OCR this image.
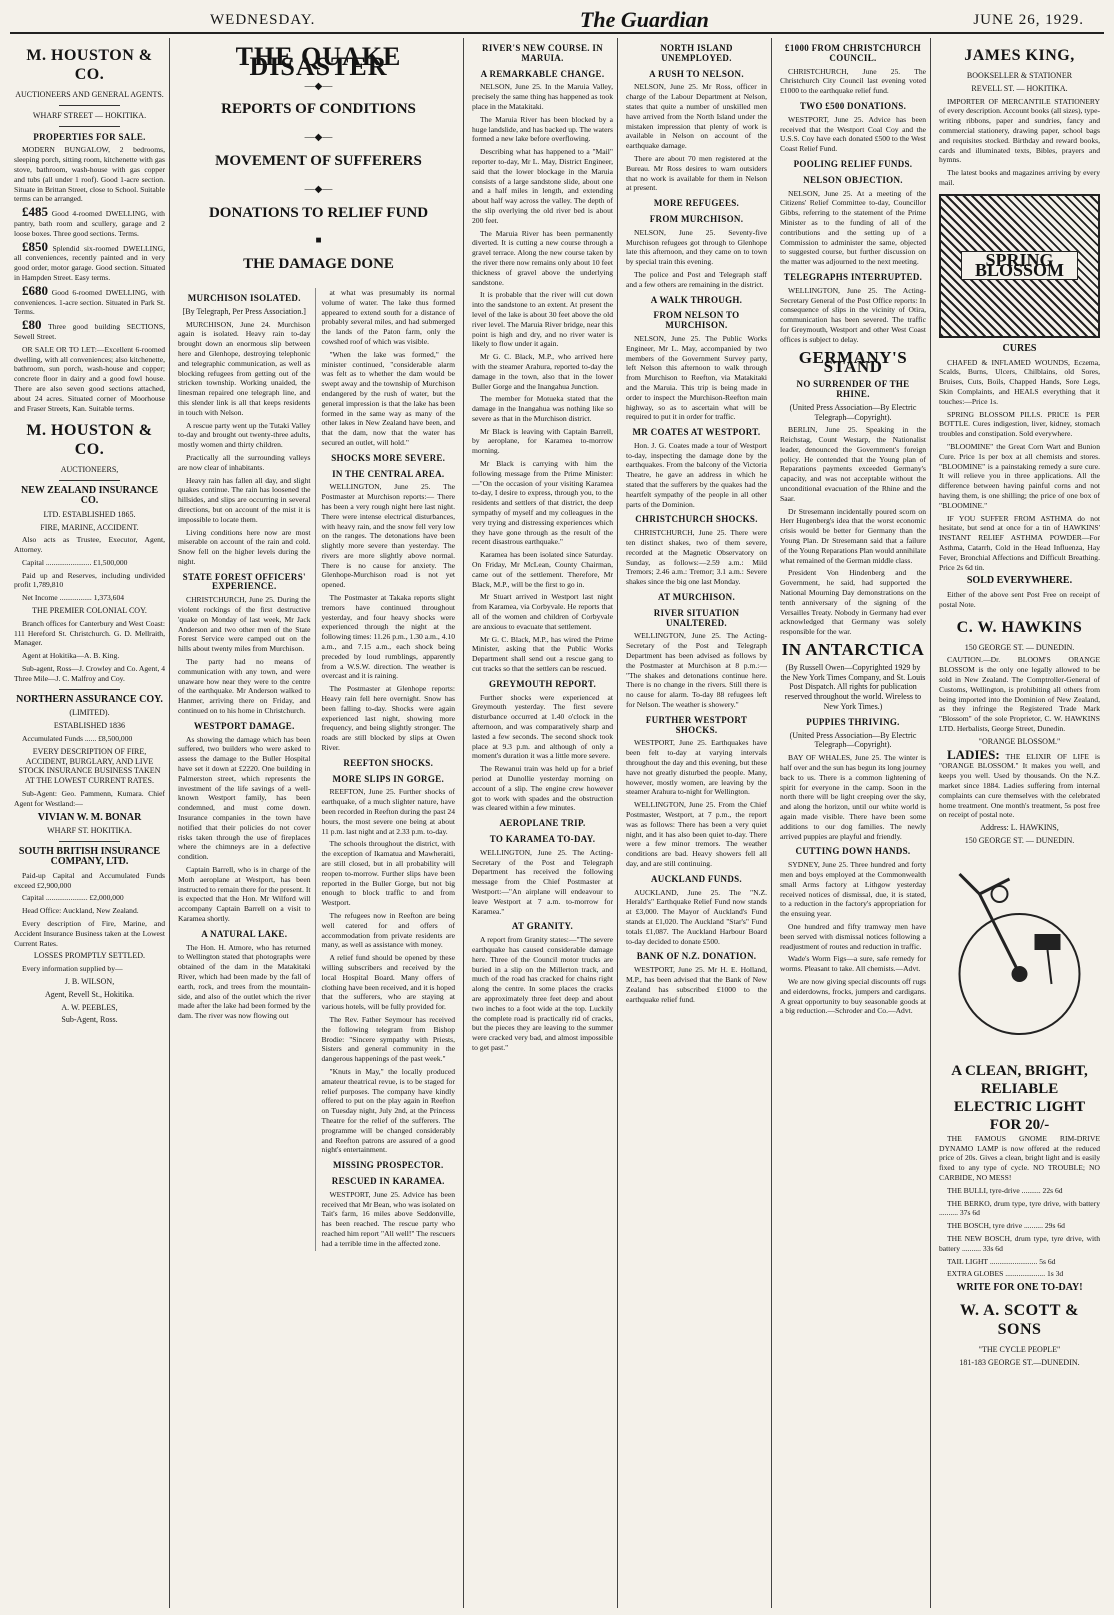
WEDNESDAY.	The Guardian	JUNE 26, 1929.
M. HOUSTON & CO.
AUCTIONEERS AND GENERAL AGENTS.
WHARF STREET — HOKITIKA.
PROPERTIES FOR SALE.

MODERN BUNGALOW, 2 bedrooms, sleeping porch, sitting room, kitchenette with gas stove, bathroom, wash-house with gas copper and tubs (all under 1 roof). Good 1-acre section. Situate in Brittan Street, close to School. Suitable terms can be arranged.

£485 Good 4-roomed DWELLING, with pantry, bath room and scullery, garage and 2 loose boxes. Three good sections. Terms.

£850 Splendid six-roomed DWELLING, all conveniences, recently painted and in very good order, motor garage. Good section. Situated in Hampden Street. Easy terms.

£680 Good 6-roomed DWELLING, with conveniences. 1-acre section. Situated in Park St. Terms.

£80 Three good building SECTIONS, Sewell Street.

OR SALE OR TO LET:—Excellent 6-roomed dwelling, with all conveniences; also kitchenette, bathroom, sun porch, wash-house and copper; concrete floor in dairy and a good fowl house. There are also seven good sections attached, about 24 acres. Situated corner of Moorhouse and Fraser Streets, Kan. Suitable terms.

M. HOUSTON & CO.
AUCTIONEERS,
NEW ZEALAND INSURANCE CO.
LTD. ESTABLISHED 1865.
FIRE, MARINE, ACCIDENT.

Also acts as Trustee, Executor, Agent, Attorney.

Capital ........................ £1,500,000

Paid up and Reserves, including undivided profit 1,789,810

Net Income ................. 1,373,604

THE PREMIER COLONIAL COY.

Branch offices for Canterbury and West Coast: 111 Hereford St. Christchurch. G. D. Mellraith, Manager.

Agent at Hokitika—A. B. King.

Sub-agent, Ross—J. Crowley and Co. Agent, 4 Three Mile—J. C. Malfroy and Coy.

NORTHERN ASSURANCE COY.
(LIMITED).
ESTABLISHED 1836

Accumulated Funds ...... £8,500,000

EVERY DESCRIPTION OF FIRE, ACCIDENT, BURGLARY, AND LIVE STOCK INSURANCE BUSINESS TAKEN AT THE LOWEST CURRENT RATES.

Sub-Agent: Geo. Pammenn, Kumara. Chief Agent for Westland:—

VIVIAN W. M. BONAR
WHARF ST. HOKITIKA.
SOUTH BRITISH INSURANCE COMPANY, LTD.

Paid-up Capital and Accumulated Funds exceed £2,900,000

Capital ...................... £2,000,000

Head Office: Auckland, New Zealand.

Every description of Fire, Marine, and Accident Insurance Business taken at the Lowest Current Rates.

LOSSES PROMPTLY SETTLED.

Every information supplied by—

J. B. WILSON,
Agent, Revell St., Hokitika.
A. W. PEEBLES,
Sub-Agent, Ross.
THE QUAKE DISASTER
—◆—
REPORTS OF CONDITIONS
—◆—
MOVEMENT OF SUFFERERS
—◆—
DONATIONS TO RELIEF FUND
■
THE DAMAGE DONE
MURCHISON ISOLATED.
[By Telegraph, Per Press Association.]

MURCHISON, June 24. Murchison again is isolated. Heavy rain to-day brought down an enormous slip between here and Glenhope, destroying telephonic and telegraphic communication, as well as blocking refugees from getting out of the stricken township. Working unaided, the linesman repaired one telegraph line, and this slender link is all that keeps residents in touch with Nelson.

A rescue party went up the Tutaki Valley to-day and brought out twenty-three adults, mostly women and thirty children.

Practically all the surrounding valleys are now clear of inhabitants.

Heavy rain has fallen all day, and slight quakes continue. The rain has loosened the hillsides, and slips are occurring in several directions, but on account of the mist it is impossible to locate them.

Living conditions here now are most miserable on account of the rain and cold. Snow fell on the higher levels during the night.

STATE FOREST OFFICERS' EXPERIENCE.

CHRISTCHURCH, June 25. During the violent rockings of the first destructive 'quake on Monday of last week, Mr Jack Anderson and two other men of the State Forest Service were camped out on the hills about twenty miles from Murchison.

The party had no means of communication with any town, and were unaware how near they were to the centre of the earthquake. Mr Anderson walked to Hanmer, arriving there on Friday, and continued on to his home in Christchurch.

WESTPORT DAMAGE.

As showing the damage which has been suffered, two builders who were asked to assess the damage to the Buller Hospital have set it down at £2220. One building in Palmerston street, which represents the investment of the life savings of a well-known Westport family, has been condemned, and must come down. Insurance companies in the town have notified that their policies do not cover risks taken through the use of fireplaces where the chimneys are in a defective condition.

Captain Barrell, who is in charge of the Moth aeroplane at Westport, has been instructed to remain there for the present. It is expected that the Hon. Mr Wilford will accompany Captain Barrell on a visit to Karamea shortly.

A NATURAL LAKE.

The Hon. H. Atmore, who has returned to Wellington stated that photographs were obtained of the dam in the Matakitaki River, which had been made by the fall of earth, rock, and trees from the mountain-side, and also of the outlet which the river made after the lake had been formed by the dam. The river was now flowing out

at what was presumably its normal volume of water. The lake thus formed appeared to extend south for a distance of probably several miles, and had submerged the lands of the Paton farm, only the cowshed roof of which was visible.

"When the lake was formed," the minister continued, "considerable alarm was felt as to whether the dam would be swept away and the township of Murchison endangered by the rush of water, but the general impression is that the lake has been formed in the same way as many of the other lakes in New Zealand have been, and that the dam, now that the water has secured an outlet, will hold."

SHOCKS MORE SEVERE.
IN THE CENTRAL AREA.

WELLINGTON, June 25. The Postmaster at Murchison reports:— There has been a very rough night here last night. There were intense electrical disturbances, with heavy rain, and the snow fell very low on the ranges. The detonations have been slightly more severe than yesterday. The rivers are more slightly above normal. There is no cause for anxiety. The Glenhope-Murchison road is not yet opened.

The Postmaster at Takaka reports slight tremors have continued throughout yesterday, and four heavy shocks were experienced through the night at the following times: 11.26 p.m., 1.30 a.m., 4.10 a.m., and 7.15 a.m., each shock being preceded by loud rumblings, apparently from a W.S.W. direction. The weather is overcast and it is raining.

The Postmaster at Glenhope reports: Heavy rain fell here overnight. Snow has been falling to-day. Shocks were again experienced last night, showing more frequency, and being slightly stronger. The roads are still blocked by slips at Owen River.

REEFTON SHOCKS.
MORE SLIPS IN GORGE.

REEFTON, June 25. Further shocks of earthquake, of a much slighter nature, have been recorded in Reefton during the past 24 hours, the most severe one being at about 11 p.m. last night and at 2.33 p.m. to-day.

The schools throughout the district, with the exception of Ikamatua and Mawheraiti, are still closed, but in all probability will reopen to-morrow. Further slips have been reported in the Buller Gorge, but not big enough to block traffic to and from Westport.

The refugees now in Reefton are being well catered for and offers of accommodation from private residents are many, as well as assistance with money.

A relief fund should be opened by these willing subscribers and received by the local Hospital Board. Many offers of clothing have been received, and it is hoped that the sufferers, who are staying at various hotels, will be fully provided for.

The Rev. Father Seymour has received the following telegram from Bishop Brodie: "Sincere sympathy with Priests, Sisters and general community in the dangerous happenings of the past week."

"Knuts in May," the locally produced amateur theatrical revue, is to be staged for relief purposes. The company have kindly offered to put on the play again in Reefton on Tuesday night, July 2nd, at the Princess Theatre for the relief of the sufferers. The programme will be changed considerably and Reefton patrons are assured of a good night's entertainment.

MISSING PROSPECTOR.
RESCUED IN KARAMEA.

WESTPORT, June 25. Advice has been received that Mr Bean, who was isolated on Tait's farm, 16 miles above Seddonville, has been reached. The rescue party who reached him report "All well!" The rescuers had a terrible time in the affected zone.

RIVER'S NEW COURSE. IN MARUIA.
A REMARKABLE CHANGE.

NELSON, June 25. In the Maruia Valley, precisely the same thing has happened as took place in the Matakitaki.

The Maruia River has been blocked by a huge landslide, and has backed up. The waters formed a new lake before overflowing.

Describing what has happened to a "Mail" reporter to-day, Mr L. May, District Engineer, said that the lower blockage in the Maruia consists of a large sandstone slide, about one and a half miles in length, and extending about half way across the valley. The depth of the slip overlying the old river bed is about 200 feet.

The Maruia River has been permanently diverted. It is cutting a new course through a gravel terrace. Along the new course taken by the river there now remains only about 10 feet thickness of gravel above the underlying sandstone.

It is probable that the river will cut down into the sandstone to an extent. At present the level of the lake is about 30 feet above the old river level. The Maruia River bridge, near this point is high and dry, and no river water is likely to flow under it again.

Mr G. C. Black, M.P., who arrived here with the steamer Arahura, reported to-day the damage in the town, also that in the lower Buller Gorge and the Inangahua Junction.

The member for Motueka stated that the damage in the Inangahua was nothing like so severe as that in the Murchison district.

Mr Black is leaving with Captain Barrell, by aeroplane, for Karamea to-morrow morning.

Mr Black is carrying with him the following message from the Prime Minister:—"On the occasion of your visiting Karamea to-day, I desire to express, through you, to the residents and settlers of that district, the deep sympathy of myself and my colleagues in the very trying and distressing experiences which they have gone through as the result of the recent disastrous earthquake."

Karamea has been isolated since Saturday. On Friday, Mr McLean, County Chairman, came out of the settlement. Therefore, Mr Black, M.P., will be the first to go in.

Mr Stuart arrived in Westport last night from Karamea, via Corbyvale. He reports that all of the women and children of Corbyvale are anxious to evacuate that settlement.

Mr G. C. Black, M.P., has wired the Prime Minister, asking that the Public Works Department shall send out a rescue gang to cut tracks so that the settlers can be rescued.

GREYMOUTH REPORT.

Further shocks were experienced at Greymouth yesterday. The first severe disturbance occurred at 1.40 o'clock in the afternoon, and was comparatively sharp and lasted a few seconds. The second shock took place at 9.3 p.m. and although of only a moment's duration it was a little more severe.

The Rewanui train was held up for a brief period at Dunollie yesterday morning on account of a slip. The engine crew however got to work with spades and the obstruction was cleared within a few minutes.

AEROPLANE TRIP.
TO KARAMEA TO-DAY.

WELLINGTON, June 25. The Acting-Secretary of the Post and Telegraph Department has received the following message from the Chief Postmaster at Westport:—"An airplane will endeavour to leave Westport at 7 a.m. to-morrow for Karamea."

AT GRANITY.

A report from Granity states:—"The severe earthquake has caused considerable damage here. Three of the Council motor trucks are buried in a slip on the Millerton track, and much of the road has cracked for chains right along the centre. In some places the cracks are approximately three feet deep and about two inches to a foot wide at the top. Luckily the complete road is practically rid of cracks, but the pieces they are leaving to the summer were cracked very bad, and almost impossible to get past."

NORTH ISLAND UNEMPLOYED.
A RUSH TO NELSON.

NELSON, June 25. Mr Ross, officer in charge of the Labour Department at Nelson, states that quite a number of unskilled men have arrived from the North Island under the mistaken impression that plenty of work is available in Nelson on account of the earthquake damage.

There are about 70 men registered at the Bureau. Mr Ross desires to warn outsiders that no work is available for them in Nelson at present.

MORE REFUGEES.
FROM MURCHISON.

NELSON, June 25. Seventy-five Murchison refugees got through to Glenhope late this afternoon, and they came on to town by special train this evening.

The police and Post and Telegraph staff and a few others are remaining in the district.

A WALK THROUGH.
FROM NELSON TO MURCHISON.

NELSON, June 25. The Public Works Engineer, Mr L. May, accompanied by two members of the Government Survey party, left Nelson this afternoon to walk through from Murchison to Reefton, via Matakitaki and the Maruia. This trip is being made in order to inspect the Murchison-Reefton main highway, so as to ascertain what will be required to put it in order for traffic.

MR COATES AT WESTPORT.

Hon. J. G. Coates made a tour of Westport to-day, inspecting the damage done by the earthquakes. From the balcony of the Victoria Theatre, he gave an address in which he stated that the sufferers by the quakes had the heartfelt sympathy of the people in all other parts of the Dominion.

CHRISTCHURCH SHOCKS.

CHRISTCHURCH, June 25. There were ten distinct shakes, two of them severe, recorded at the Magnetic Observatory on Sunday, as follows:—2.59 a.m.: Mild Tremors; 2.46 a.m.: Tremor; 3.1 a.m.: Severe shakes since the big one last Monday.

AT MURCHISON.
RIVER SITUATION UNALTERED.

WELLINGTON, June 25. The Acting-Secretary of the Post and Telegraph Department has been advised as follows by the Postmaster at Murchison at 8 p.m.:— "The shakes and detonations continue here. There is no change in the rivers. Still there is no cause for alarm. To-day 88 refugees left for Nelson. The weather is showery."

FURTHER WESTPORT SHOCKS.

WESTPORT, June 25. Earthquakes have been felt to-day at varying intervals throughout the day and this evening, but these have not greatly disturbed the people. Many, however, mostly women, are leaving by the steamer Arahura to-night for Wellington.

WELLINGTON, June 25. From the Chief Postmaster, Westport, at 7 p.m., the report was as follows: There has been a very quiet night, and it has also been quiet to-day. There were a few minor tremors. The weather conditions are bad. Heavy showers fell all day, and are still continuing.

AUCKLAND FUNDS.

AUCKLAND, June 25. The "N.Z. Herald's" Earthquake Relief Fund now stands at £3,000. The Mayor of Auckland's Fund stands at £1,020. The Auckland "Star's" Fund totals £1,087. The Auckland Harbour Board to-day decided to donate £500.

BANK OF N.Z. DONATION.

WESTPORT, June 25. Mr H. E. Holland, M.P., has been advised that the Bank of New Zealand has subscribed £1000 to the earthquake relief fund.

£1000 FROM CHRISTCHURCH COUNCIL.

CHRISTCHURCH, June 25. The Christchurch City Council last evening voted £1000 to the earthquake relief fund.

TWO £500 DONATIONS.

WESTPORT, June 25. Advice has been received that the Westport Coal Coy and the U.S.S. Coy have each donated £500 to the West Coast Relief Fund.

POOLING RELIEF FUNDS.
NELSON OBJECTION.

NELSON, June 25. At a meeting of the Citizens' Relief Committee to-day, Councillor Gibbs, referring to the statement of the Prime Minister as to the funding of all of the contributions and the setting up of a Commission to administer the same, objected to suggested course, but further discussion on the matter was adjourned to the next meeting.

TELEGRAPHS INTERRUPTED.

WELLINGTON, June 25. The Acting-Secretary General of the Post Office reports: In consequence of slips in the vicinity of Otira, communication has been severed. The traffic for Greymouth, Westport and other West Coast offices is subject to delay.

GERMANY'S STAND
NO SURRENDER OF THE RHINE.
(United Press Association—By Electric Telegraph—Copyright).

BERLIN, June 25. Speaking in the Reichstag, Count Westarp, the Nationalist leader, denounced the Government's foreign policy. He contended that the Young plan of Reparations payments exceeded Germany's capacity, and was not acceptable without the unconditional evacuation of the Rhine and the Saar.

Dr Stresemann incidentally poured scorn on Herr Hugenberg's idea that the worst economic crisis would be better for Germany than the Young Plan. Dr Stresemann said that a failure of the Young Reparations Plan would annihilate what remained of the German middle class.

President Von Hindenberg and the Government, he said, had supported the National Mourning Day demonstrations on the tenth anniversary of the signing of the Versailles Treaty. Nobody in Germany had ever acknowledged that Germany was solely responsible for the war.

IN ANTARCTICA
(By Russell Owen—Copyrighted 1929 by the New York Times Company, and St. Louis Post Dispatch. All rights for publication reserved throughout the world. Wireless to New York Times.)
PUPPIES THRIVING.
(United Press Association—By Electric Telegraph—Copyright).

BAY OF WHALES, June 25. The winter is half over and the sun has begun its long journey back to us. There is a common lightening of spirit for everyone in the camp. Soon in the north there will be light creeping over the sky, and along the horizon, until our white world is again made visible. There have been some additions to our dog families. The newly arrived puppies are playful and friendly.

CUTTING DOWN HANDS.

SYDNEY, June 25. Three hundred and forty men and boys employed at the Commonwealth small Arms factory at Lithgow yesterday received notices of dismissal, due, it is stated, to a reduction in the factory's appropriation for the ensuing year.

One hundred and fifty tramway men have been served with dismissal notices following a readjustment of routes and reduction in traffic.

Wade's Worm Figs—a sure, safe remedy for worms. Pleasant to take. All chemists.—Advt.

We are now giving special discounts off rugs and eiderdowns, frocks, jumpers and cardigans. A great opportunity to buy seasonable goods at a big reduction.—Schroder and Co.—Advt.

JAMES KING,
BOOKSELLER & STATIONER
REVELL ST. — HOKITIKA.

IMPORTER OF MERCANTILE STATIONERY of every description. Account books (all sizes), type-writing ribbons, paper and sundries, fancy and commercial stationery, drawing paper, school bags and requisites stocked. Birthday and reward books, cards and illuminated texts, Bibles, prayers and hymns.

The latest books and magazines arriving by every mail.

SPRING BLOSSOM
CURES

CHAFED & INFLAMED WOUNDS, Eczema, Scalds, Burns, Ulcers, Chilblains, old Sores, Bruises, Cuts, Boils, Chapped Hands, Sore Legs, Skin Complaints, and HEALS everything that it touches:—Price 1s.

SPRING BLOSSOM PILLS. PRICE 1s PER BOTTLE. Cures indigestion, liver, kidney, stomach troubles and constipation. Sold everywhere.

"BLOOMINE" the Great Corn Wart and Bunion Cure. Price 1s per box at all chemists and stores. "BLOOMINE" is a painstaking remedy a sure cure. It will relieve you in three applications. All the difference between having painful corns and not having them, is one shilling; the price of one box of "BLOOMINE."

IF YOU SUFFER FROM ASTHMA do not hesitate, but send at once for a tin of HAWKINS' INSTANT RELIEF ASTHMA POWDER—For Asthma, Catarrh, Cold in the Head Influenza, Hay Fever, Bronchial Affections and Difficult Breathing. Price 2s 6d tin.

SOLD EVERYWHERE.

Either of the above sent Post Free on receipt of postal Note.

C. W. HAWKINS
150 GEORGE ST. — DUNEDIN.

CAUTION.—Dr. BLOOM'S ORANGE BLOSSOM is the only one legally allowed to be sold in New Zealand. The Comptroller-General of Customs, Wellington, is prohibiting all others from being imported into the Dominion of New Zealand, as they infringe the Registered Trade Mark "Blossom" of the sole Proprietor, C. W. HAWKINS LTD. Herbalists, George Street, Dunedin.

"ORANGE BLOSSOM."

LADIES: THE ELIXIR OF LIFE is "ORANGE BLOSSOM." It makes you well, and keeps you well. Used by thousands. On the N.Z. market since 1884. Ladies suffering from internal complaints can cure themselves with the celebrated home treatment. One month's treatment, 5s post free on receipt of postal note.

Address: L. HAWKINS,
150 GEORGE ST. — DUNEDIN.
A CLEAN, BRIGHT, RELIABLE
ELECTRIC LIGHT FOR 20/-

THE FAMOUS GNOME RIM-DRIVE DYNAMO LAMP is now offered at the reduced price of 20s. Gives a clean, bright light and is easily fixed to any type of cycle. NO TROUBLE; NO CARBIDE, NO MESS!

THE BULLI, tyre-drive .......... 22s 6d

THE BERKO, drum type, tyre drive, with battery .......... 37s 6d

THE BOSCH, tyre drive .......... 29s 6d

THE NEW BOSCH, drum type, tyre drive, with battery .......... 33s 6d

TAIL LIGHT ......................... 5s 6d

EXTRA GLOBES ..................... 1s 3d

WRITE FOR ONE TO-DAY!
W. A. SCOTT & SONS
"THE CYCLE PEOPLE"
181-183 GEORGE ST.—DUNEDIN.
